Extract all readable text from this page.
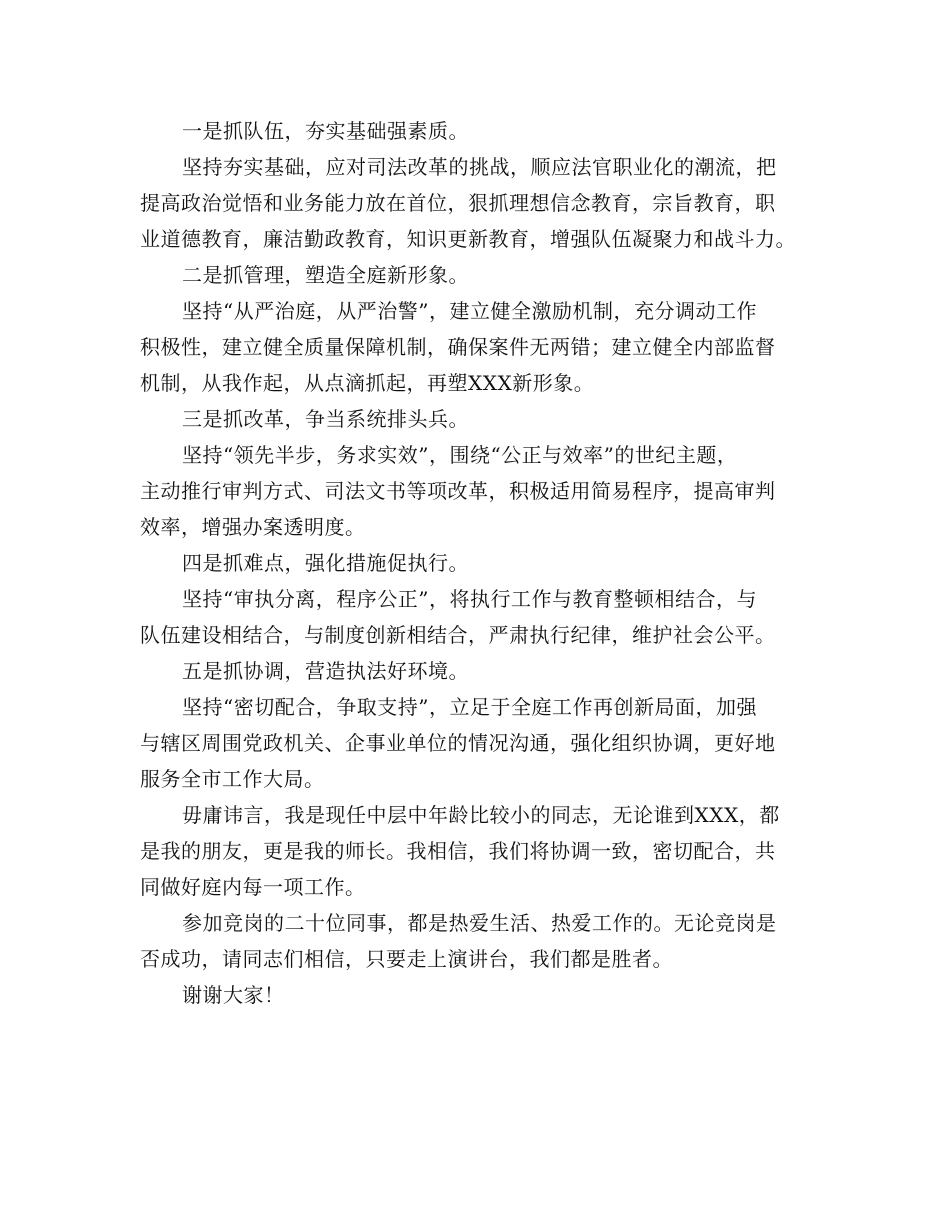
一是抓队伍，夯实基础强素质。
坚持夯实基础，应对司法改革的挑战，顺应法官职业化的潮流，把
提高政治觉悟和业务能力放在首位，狠抓理想信念教育，宗旨教育，职
业道德教育，廉洁勤政教育，知识更新教育，增强队伍凝聚力和战斗力。
二是抓管理，塑造全庭新形象。
坚持“从严治庭，从严治警”，建立健全激励机制，充分调动工作
积极性，建立健全质量保障机制，确保案件无两错；建立健全内部监督
机制，从我作起，从点滴抓起，再塑XXX新形象。
三是抓改革，争当系统排头兵。
坚持“领先半步，务求实效”，围绕“公正与效率”的世纪主题，
主动推行审判方式、司法文书等项改革，积极适用简易程序，提高审判
效率，增强办案透明度。
四是抓难点，强化措施促执行。
坚持“审执分离，程序公正”，将执行工作与教育整顿相结合，与
队伍建设相结合，与制度创新相结合，严肃执行纪律，维护社会公平。
五是抓协调，营造执法好环境。
坚持“密切配合，争取支持”，立足于全庭工作再创新局面，加强
与辖区周围党政机关、企事业单位的情况沟通，强化组织协调，更好地
服务全市工作大局。
毋庸讳言，我是现任中层中年龄比较小的同志，无论谁到XXX，都
是我的朋友，更是我的师长。我相信，我们将协调一致，密切配合，共
同做好庭内每一项工作。
参加竞岗的二十位同事，都是热爱生活、热爱工作的。无论竞岗是
否成功，请同志们相信，只要走上演讲台，我们都是胜者。
谢谢大家！
